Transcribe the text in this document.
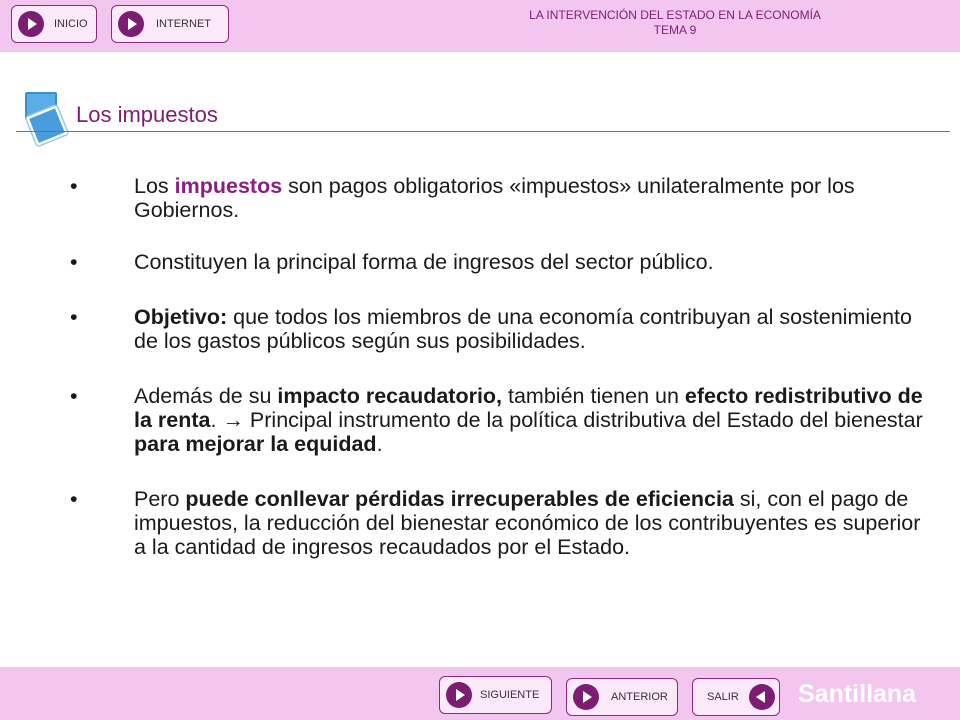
INICIO	INTERNET
LA INTERVENCIÓN DEL ESTADO EN LA ECONOMÍA
TEMA 9
Los impuestos
•	Los impuestos son pagos obligatorios «impuestos» unilateralmente por los Gobiernos.
•	Constituyen la principal forma de ingresos del sector público.
•	Objetivo: que todos los miembros de una economía contribuyan al sostenimiento de los gastos públicos según sus posibilidades.
•	Además de su impacto recaudatorio, también tienen un efecto redistributivo de la renta. → Principal instrumento de la política distributiva del Estado del bienestar para mejorar la equidad.
•	Pero puede conllevar pérdidas irrecuperables de eficiencia si, con el pago de impuestos, la reducción del bienestar económico de los contribuyentes es superior a la cantidad de ingresos recaudados por el Estado.
SIGUIENTE	ANTERIOR	SALIR Santillana
